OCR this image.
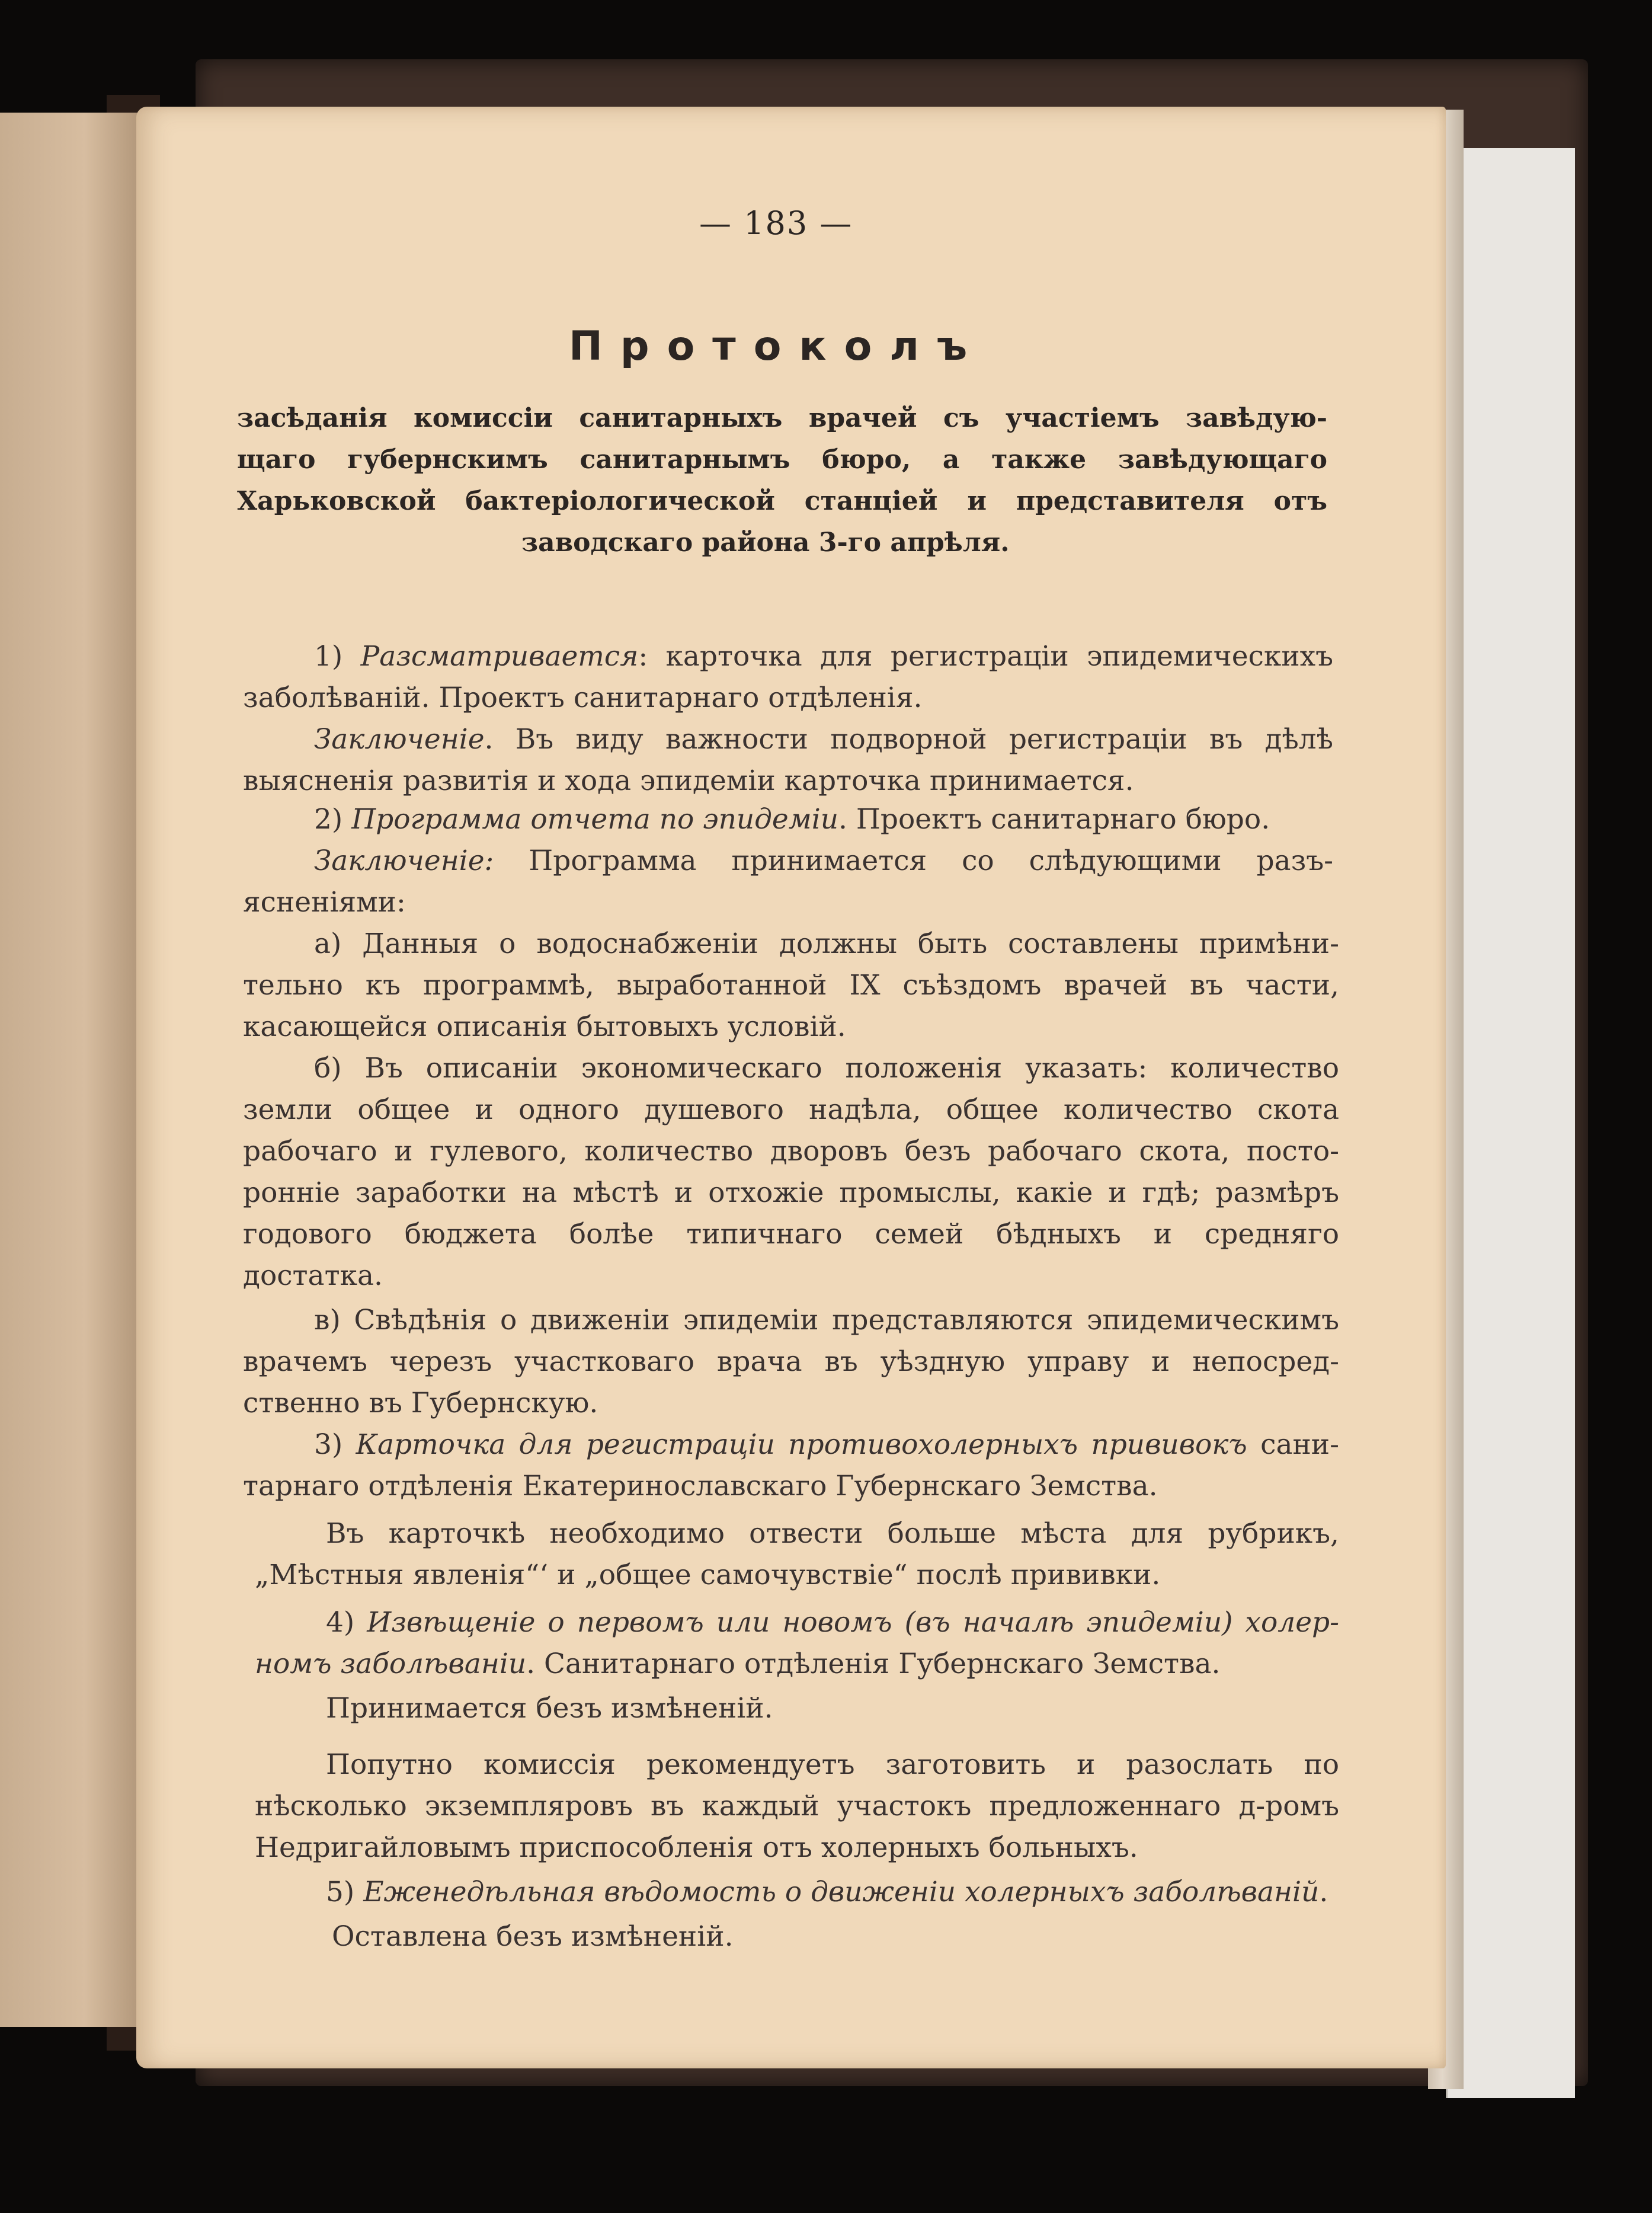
— 183 —
Протоколъ
засѣданія комиссіи санитарныхъ врачей съ участіемъ завѣдую-
щаго губернскимъ санитарнымъ бюро, а также завѣдующаго
Харьковской бактеріологической станціей и представителя отъ
заводскаго района 3-го апрѣля.
1) Разсматривается: карточка для регистраціи эпидемическихъ
заболѣваній. Проектъ санитарнаго отдѣленія.
Заключеніе. Въ виду важности подворной регистраціи въ дѣлѣ
выясненія развитія и хода эпидеміи карточка принимается.
2) Программа отчета по эпидеміи. Проектъ санитарнаго бюро.
Заключеніе: Программа принимается со слѣдующими разъ-
ясненіями:
а) Данныя о водоснабженіи должны быть составлены примѣни-
тельно къ программѣ, выработанной IX съѣздомъ врачей въ части,
касающейся описанія бытовыхъ условій.
б) Въ описаніи экономическаго положенія указать: количество
земли общее и одного душевого надѣла, общее количество скота
рабочаго и гулевого, количество дворовъ безъ рабочаго скота, посто-
ронніе заработки на мѣстѣ и отхожіе промыслы, какіе и гдѣ; размѣръ
годового бюджета болѣе типичнаго семей бѣдныхъ и средняго
достатка.
в) Свѣдѣнія о движеніи эпидеміи представляются эпидемическимъ
врачемъ черезъ участковаго врача въ уѣздную управу и непосред-
ственно въ Губернскую.
3) Карточка для регистраціи противохолерныхъ прививокъ сани-
тарнаго отдѣленія Екатеринославскаго Губернскаго Земства.
Въ карточкѣ необходимо отвести больше мѣста для рубрикъ,
„Мѣстныя явленія“‘ и „общее самочувствіе“ послѣ прививки.
4) Извѣщеніе о первомъ или новомъ (въ началѣ эпидеміи) холер-
номъ заболѣваніи. Санитарнаго отдѣленія Губернскаго Земства.
Принимается безъ измѣненій.
Попутно комиссія рекомендуетъ заготовить и разослать по
нѣсколько экземпляровъ въ каждый участокъ предложеннаго д-ромъ
Недригайловымъ приспособленія отъ холерныхъ больныхъ.
5) Еженедѣльная вѣдомость о движеніи холерныхъ заболѣваній.
Оставлена безъ измѣненій.
